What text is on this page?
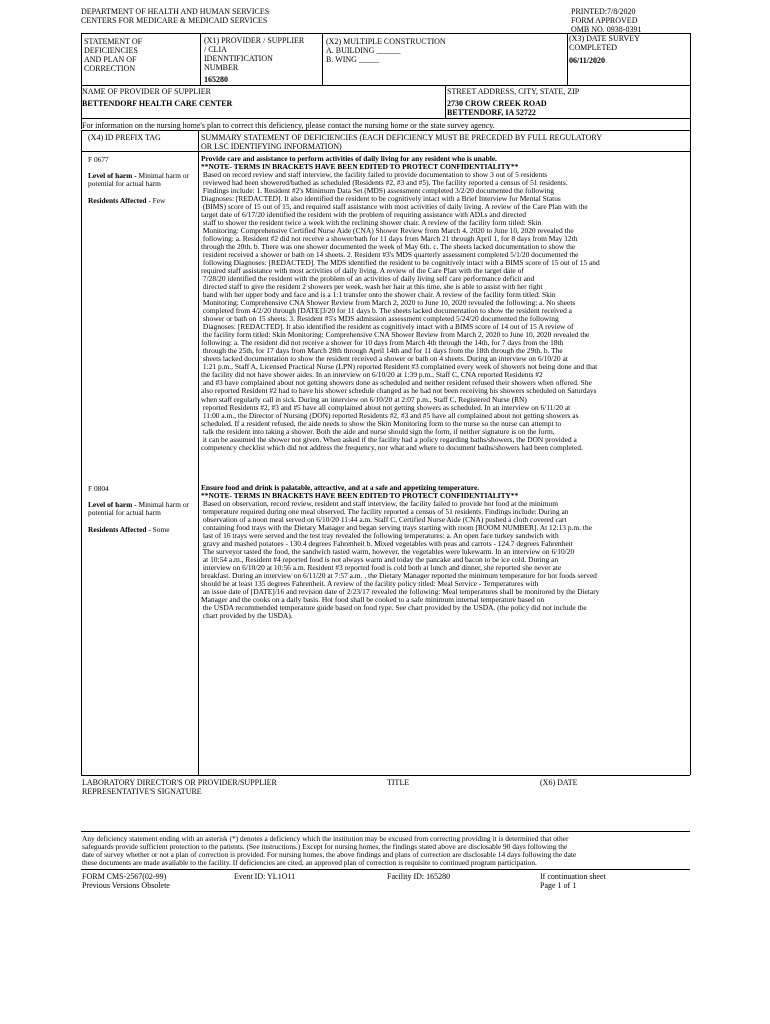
DEPARTMENT OF HEALTH AND HUMAN SERVICES
CENTERS FOR MEDICARE & MEDICAID SERVICES
PRINTED:7/8/2020
FORM APPROVED
OMB NO. 0938-0391
STATEMENT OF
DEFICIENCIES
AND PLAN OF
CORRECTION
(X1) PROVIDER / SUPPLIER
/ CLIA
IDENNTIFICATION
NUMBER
165280
(X2) MULTIPLE CONSTRUCTION
A. BUILDING ______
B. WING _____
(X3) DATE SURVEY
COMPLETED
06/11/2020
NAME OF PROVIDER OF SUPPLIER
BETTENDORF HEALTH CARE CENTER
STREET ADDRESS, CITY, STATE, ZIP
2730 CROW CREEK ROAD
BETTENDORF, IA 52722
For information on the nursing home's plan to correct this deficiency, please contact the nursing home or the state survey agency.
(X4) ID PREFIX TAG	SUMMARY STATEMENT OF DEFICIENCIES (EACH DEFICIENCY MUST BE PRECEDED BY FULL REGULATORY
OR LSC IDENTIFYING INFORMATION)
F 0677
Level of harm - Minimal harm or potential for actual harm
Residents Affected - Few
Provide care and assistance to perform activities of daily living for any resident who is unable.
**NOTE- TERMS IN BRACKETS HAVE BEEN EDITED TO PROTECT CONFIDENTIALITY**
Based on record review and staff interview, the facility failed to provide documentation to show 3 out of 5 residents
reviewed had been showered/bathed as scheduled (Residents #2, #3 and #5). The facility reported a census of 51 residents.
Findings include: 1. Resident #2's Minimum Data Set (MDS) assessment completed 3/2/20 documented the following
Diagnoses: [REDACTED]. It also identified the resident to be cognitively intact with a Brief Interview for Mental Status
(BIMS) score of 15 out of 15, and required staff assistance with most activities of daily living. A review of the Care Plan with the
target date of 6/17/20 identified the resident with the problem of requiring assistance with ADLs and directed
staff to shower the resident twice a week with the reclining shower chair. A review of the facility form titled: Skin
Monitoring: Comprehensive Certified Nurse Aide (CNA) Shower Review from March 4, 2020 to June 10, 2020 revealed the
following: a. Resident #2 did not receive a shower/bath for 11 days from March 21 through April 1, for 8 days from May 12th
through the 20th. b. There was one shower documented the week of May 6th. c. The sheets lacked documentation to show the
resident received a shower or bath on 14 sheets. 2. Resident #3's MDS quarterly assessment completed 5/1/20 documented the
following Diagnoses: [REDACTED]. The MDS identified the resident to be cognitively intact with a BIMS score of 15 out of 15 and
required staff assistance with most activities of daily living. A review of the Care Plan with the target date of
7/28/20 identified the resident with the problem of an activities of daily living self care performance deficit and
directed staff to give the resident 2 showers per week, wash her hair at this time, she is able to assist with her right
hand with her upper body and face and is a 1:1 transfer onto the shower chair. A review of the facility form titled: Skin
Monitoring: Comprehensive CNA Shower Review from March 2, 2020 to June 10, 2020 revealed the following: a. No sheets
completed from 4/2/20 through [DATE]3/20 for 11 days b. The sheets lacked documentation to show the resident received a
shower or bath on 15 sheets. 3. Resident #5's MDS admission assessment completed 5/24/20 documented the following
Diagnoses: [REDACTED]. It also identified the resident as cognitively intact with a BIMS score of 14 out of 15 A review of
the facility form titled: Skin Monitoring: Comprehensive CNA Shower Review from March 2, 2020 to June 10, 2020 revealed the
following: a. The resident did not receive a shower for 10 days from March 4th through the 14th, for 7 days from the 18th
through the 25th, for 17 days from March 28th through April 14th and for 11 days from the 18th through the 29th. b. The
sheets lacked documentation to show the resident received a shower or bath on 4 sheets. During an interview on 6/10/20 at
1:21 p.m., Staff A, Licensed Practical Nurse (LPN) reported Resident #3 complained every week of showers not being done and that
the facility did not have shower aides. In an interview on 6/10/20 at 1:39 p.m., Staff C, CNA reported Residents #2
and #3 have complained about not getting showers done as scheduled and neither resident refused their showers when offered. She
also reported Resident #2 had to have his shower schedule changed as he had not been receiving his showers scheduled on Saturdays
when staff regularly call in sick. During an interview on 6/10/20 at 2:07 p.m., Staff C, Registered Nurse (RN)
reported Residents #2, #3 and #5 have all complained about not getting showers as scheduled. In an interview on 6/11/20 at
11:00 a.m., the Director of Nursing (DON) reported Residents #2, #3 and #5 have all complained about not getting showers as
scheduled. If a resident refused, the aide needs to show the Skin Monitoring form to the nurse so the nurse can attempt to
talk the resident into taking a shower. Both the aide and nurse should sign the form, if neither signature is on the form,
it can be assumed the shower not given. When asked if the facility had a policy regarding baths/showers, the DON provided a
competency checklist which did not address the frequency, nor what and where to document baths/showers had been completed.
F 0804
Level of harm - Minimal harm or potential for actual harm
Residents Affected - Some
Ensure food and drink is palatable, attractive, and at a safe and appetizing temperature.
**NOTE- TERMS IN BRACKETS HAVE BEEN EDITED TO PROTECT CONFIDENTIALITY**
Based on observation, record review, resident and staff interview, the facility failed to provide hot food at the minimum
temperature required during one meal observed. The facility reported a census of 51 residents. Findings include: During an
observation of a noon meal served on 6/10/20 11:44 a.m. Staff C, Certified Nurse Aide (CNA) pushed a cloth covered cart
containing food trays with the Dietary Manager and began serving trays starting with room [ROOM NUMBER]. At 12:13 p.m. the
last of 16 trays were served and the test tray revealed the following temperatures: a. An open face turkey sandwich with
gravy and mashed potatoes - 130.4 degrees Fahrenheit b. Mixed vegetables with peas and carrots - 124.7 degrees Fahrenheit
The surveyor tasted the food, the sandwich tasted warm, however, the vegetables were lukewarm. In an interview on 6/10/20
at 10:54 a.m., Resident #4 reported food is not always warm and today the pancake and bacon to be ice cold. During an
interview on 6/10/20 at 10:56 a.m. Resident #3 reported food is cold both at lunch and dinner, she reported she never ate
breakfast. During an interview on 6/11/20 at 7:57 a.m. , the Dietary Manager reported the minimum temperature for hot foods served
should be at least 135 degrees Fahrenheit. A review of the facility policy titled: Meal Service - Temperatures with
an issue date of [DATE]/16 and revision date of 2/23/17 revealed the following: Meal temperatures shall be monitored by the Dietary
Manager and the cooks on a daily basis. Hot food shall be cooked to a safe minimum internal temperature based on
the USDA recommended temperature guide based on food type. See chart provided by the USDA. (the policy did not include the
chart provided by the USDA).
LABORATORY DIRECTOR'S OR PROVIDER/SUPPLIER
REPRESENTATIVE'S SIGNATURE
TITLE	(X6) DATE
Any deficiency statement ending with an asterisk (*) denotes a deficiency which the institution may be excused from correcting providing it is determined that other
safeguards provide sufficient protection to the patients. (See instructions.) Except for nursing homes, the findings stated above are disclosable 90 days following the
date of survey whether or not a plan of correction is provided. For nursing homes, the above findings and plans of correction are disclosable 14 days following the date
these documents are made available to the facility. If deficiencies are cited, an approved plan of correction is requisite to continued program participation.
FORM CMS-2567(02-99)
Previous Versions Obsolete
Event ID: YL1O11	Facility ID: 165280	If continuation sheet
Page 1 of 1
